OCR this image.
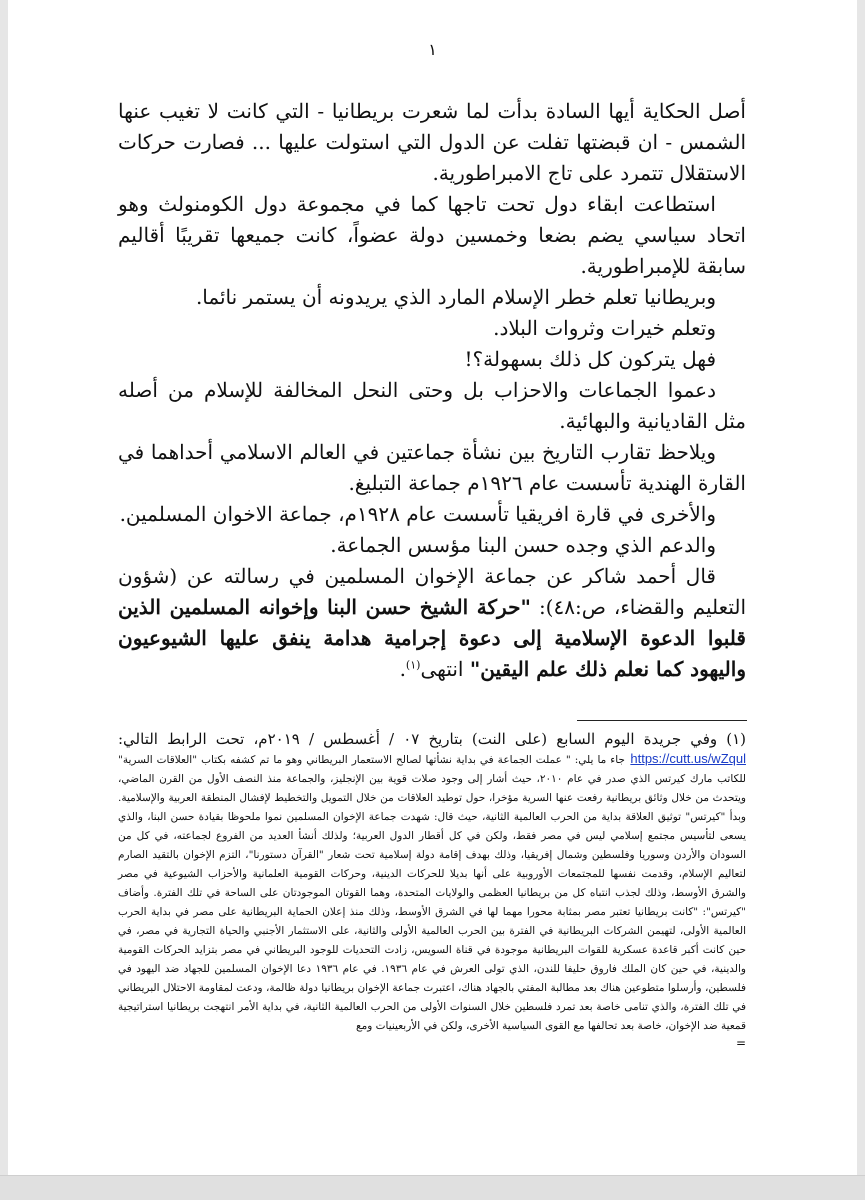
١

أصل الحكاية أيها السادة بدأت لما شعرت بريطانيا - التي كانت لا تغيب عنها الشمس - ان قبضتها تفلت عن الدول التي استولت عليها ... فصارت حركات الاستقلال تتمرد على تاج الامبراطورية.

استطاعت ابقاء دول تحت تاجها كما في مجموعة دول الكومنولث وهو اتحاد سياسي يضم بضعا وخمسين دولة عضواً، كانت جميعها تقريبًا أقاليم سابقة للإمبراطورية.

وبريطانيا تعلم خطر الإسلام المارد الذي يريدونه أن يستمر نائما.

وتعلم خيرات وثروات البلاد.

فهل يتركون كل ذلك بسهولة؟!

دعموا الجماعات والاحزاب بل وحتى النحل المخالفة للإسلام من أصله مثل القاديانية والبهائية.

ويلاحظ تقارب التاريخ بين نشأة جماعتين في العالم الاسلامي أحداهما في القارة الهندية تأسست عام ١٩٢٦م جماعة التبليغ.

والأخرى في قارة افريقيا تأسست عام ١٩٢٨م، جماعة الاخوان المسلمين.

والدعم الذي وجده حسن البنا مؤسس الجماعة.

قال أحمد شاكر عن جماعة الإخوان المسلمين في رسالته عن (شؤون التعليم والقضاء، ص:٤٨): "حركة الشيخ حسن البنا وإخوانه المسلمين الذين قلبوا الدعوة الإسلامية إلى دعوة إجرامية هدامة ينفق عليها الشيوعيون واليهود كما نعلم ذلك علم اليقين" انتهى$^{(١)}$.

(١) وفي جريدة اليوم السابع (على النت) بتاريخ ٠٧ / أغسطس / ٢٠١٩م، تحت الرابط التالي: https://cutt.us/wZqul جاء ما يلي: " عملت الجماعة في بداية نشأتها لصالح الاستعمار البريطاني وهو ما تم كشفه بكتاب "العلاقات السرية" للكاتب مارك كيرتس الذي صدر في عام ٢٠١٠، حيث أشار إلى وجود صلات قوية بين الإنجليز، والجماعة منذ النصف الأول من القرن الماضي، ويتحدث من خلال وثائق بريطانية رفعت عنها السرية مؤخرا، حول توطيد العلاقات من خلال التمويل والتخطيط لإفشال المنطقة العربية والإسلامية. وبدأ "كيرتس" توثيق العلاقة بداية من الحرب العالمية الثانية، حيث قال: شهدت جماعة الإخوان المسلمين نموا ملحوظا بقيادة حسن البنا، والذي يسعى لتأسيس مجتمع إسلامي ليس في مصر فقط، ولكن في كل أقطار الدول العربية؛ ولذلك أنشأ العديد من الفروع لجماعته، في كل من السودان والأردن وسوريا وفلسطين وشمال إفريقيا، وذلك بهدف إقامة دولة إسلامية تحت شعار "القرآن دستورنا"، التزم الإخوان بالتقيد الصارم لتعاليم الإسلام، وقدمت نفسها للمجتمعات الأوروبية على أنها بديلا للحركات الدينية، وحركات القومية العلمانية والأحزاب الشيوعية في مصر والشرق الأوسط، وذلك لجذب انتباه كل من بريطانيا العظمى والولايات المتحدة، وهما القوتان الموجودتان على الساحة في تلك الفترة. وأضاف "كيرتس": "كانت بريطانيا تعتبر مصر بمثابة محورا مهما لها في الشرق الأوسط، وذلك منذ إعلان الحماية البريطانية على مصر في بداية الحرب العالمية الأولى، لتهيمن الشركات البريطانية في الفترة بين الحرب العالمية الأولى والثانية، على الاستثمار الأجنبي والحياة التجارية في مصر، في حين كانت أكبر قاعدة عسكرية للقوات البريطانية موجودة في قناة السويس، زادت التحديات للوجود البريطاني في مصر بتزايد الحركات القومية والدينية، في حين كان الملك فاروق حليفا للندن، الذي تولى العرش في عام ١٩٣٦. في عام ١٩٣٦ دعا الإخوان المسلمين للجهاد ضد اليهود في فلسطين، وأرسلوا متطوعين هناك بعد مطالبة المفتي بالجهاد هناك، اعتبرت جماعة الإخوان بريطانيا دولة ظالمة، ودعت لمقاومة الاحتلال البريطاني في تلك الفترة، والذي تنامى خاصة بعد تمرد فلسطين خلال السنوات الأولى من الحرب العالمية الثانية، في بداية الأمر انتهجت بريطانيا استراتيجية قمعية ضد الإخوان، خاصة بعد تحالفها مع القوى السياسية الأخرى، ولكن في الأربعينيات ومع
=
